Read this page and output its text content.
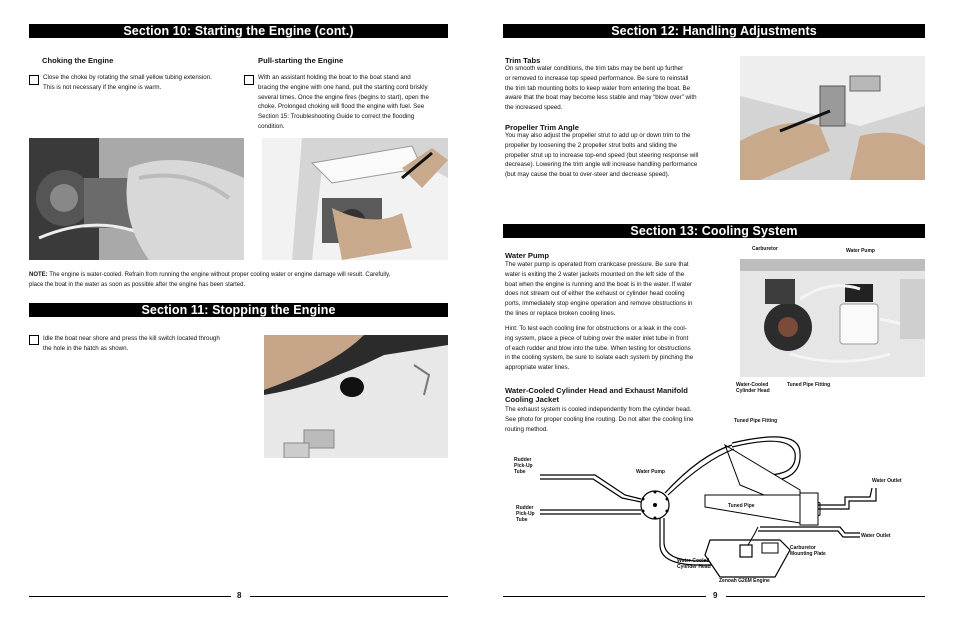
Section 10: Starting the Engine (cont.)
Choking the Engine
Close the choke by rotating the small yellow tubing extension.
This is not necessary if the engine is warm.
Pull-starting the Engine
With an assistant holding the boat to the boat stand and
bracing the engine with one hand, pull the starting cord briskly
several times. Once the engine fires (begins to start), open the
choke. Prolonged choking will flood the engine with fuel. See
Section 15: Troubleshooting Guide to correct the flooding
condition.
NOTE: The engine is water-cooled. Refrain from running the engine without proper cooling water or engine damage will result. Carefully,
place the boat in the water as soon as possible after the engine has been started.
Section 11: Stopping the Engine
Idle the boat near shore and press the kill switch located through
the hole in the hatch as shown.
8
Section 12: Handling Adjustments
Trim Tabs
On smooth water conditions, the trim tabs may be bent up further
or removed to increase top speed performance. Be sure to reinstall
the trim tab mounting bolts to keep water from entering the boat. Be
aware that the boat may become less stable and may “blow over” with
the increased speed.
Propeller Trim Angle
You may also adjust the propeller strut to add up or down trim to the
propeller by loosening the 2 propeller strut bolts and sliding the
propeller strut up to increase top-end speed (but steering response will
decrease). Lowering the trim angle will increase handling performance
(but may cause the boat to over-steer and decrease speed).
Section 13: Cooling System
Water Pump
The water pump is operated from crankcase pressure. Be sure that
water is exiting the 2 water jackets mounted on the left side of the
boat when the engine is running and the boat is in the water. If water
does not stream out of either the exhaust or cylinder head cooling
ports, immediately stop engine operation and remove obstructions in
the lines or replace broken cooling lines.
Hint: To test each cooling line for obstructions or a leak in the cool-
ing system, place a piece of tubing over the water inlet tube in front
of each rudder and blow into the tube. When testing for obstructions
in the cooling system, be sure to isolate each system by pinching the
appropriate water lines.
Water-Cooled Cylinder Head and Exhaust Manifold
Cooling Jacket
The exhaust system is cooled independently from the cylinder head.
See photo for proper cooling line routing. Do not alter the cooling line
routing method.
Carburetor	Water Pump
Water-Cooled
Cylinder Head
Tuned Pipe Fitting
Tuned Pipe Fitting
Rudder
Pick-Up
Tube	Water Pump
Water Outlet
Tuned Pipe
Rudder
Pick-Up
Tube
Water Outlet
Carburetor
Mounting Plate
Water-Cooled
Cylinder Head
Zenoah G26M Engine
9
